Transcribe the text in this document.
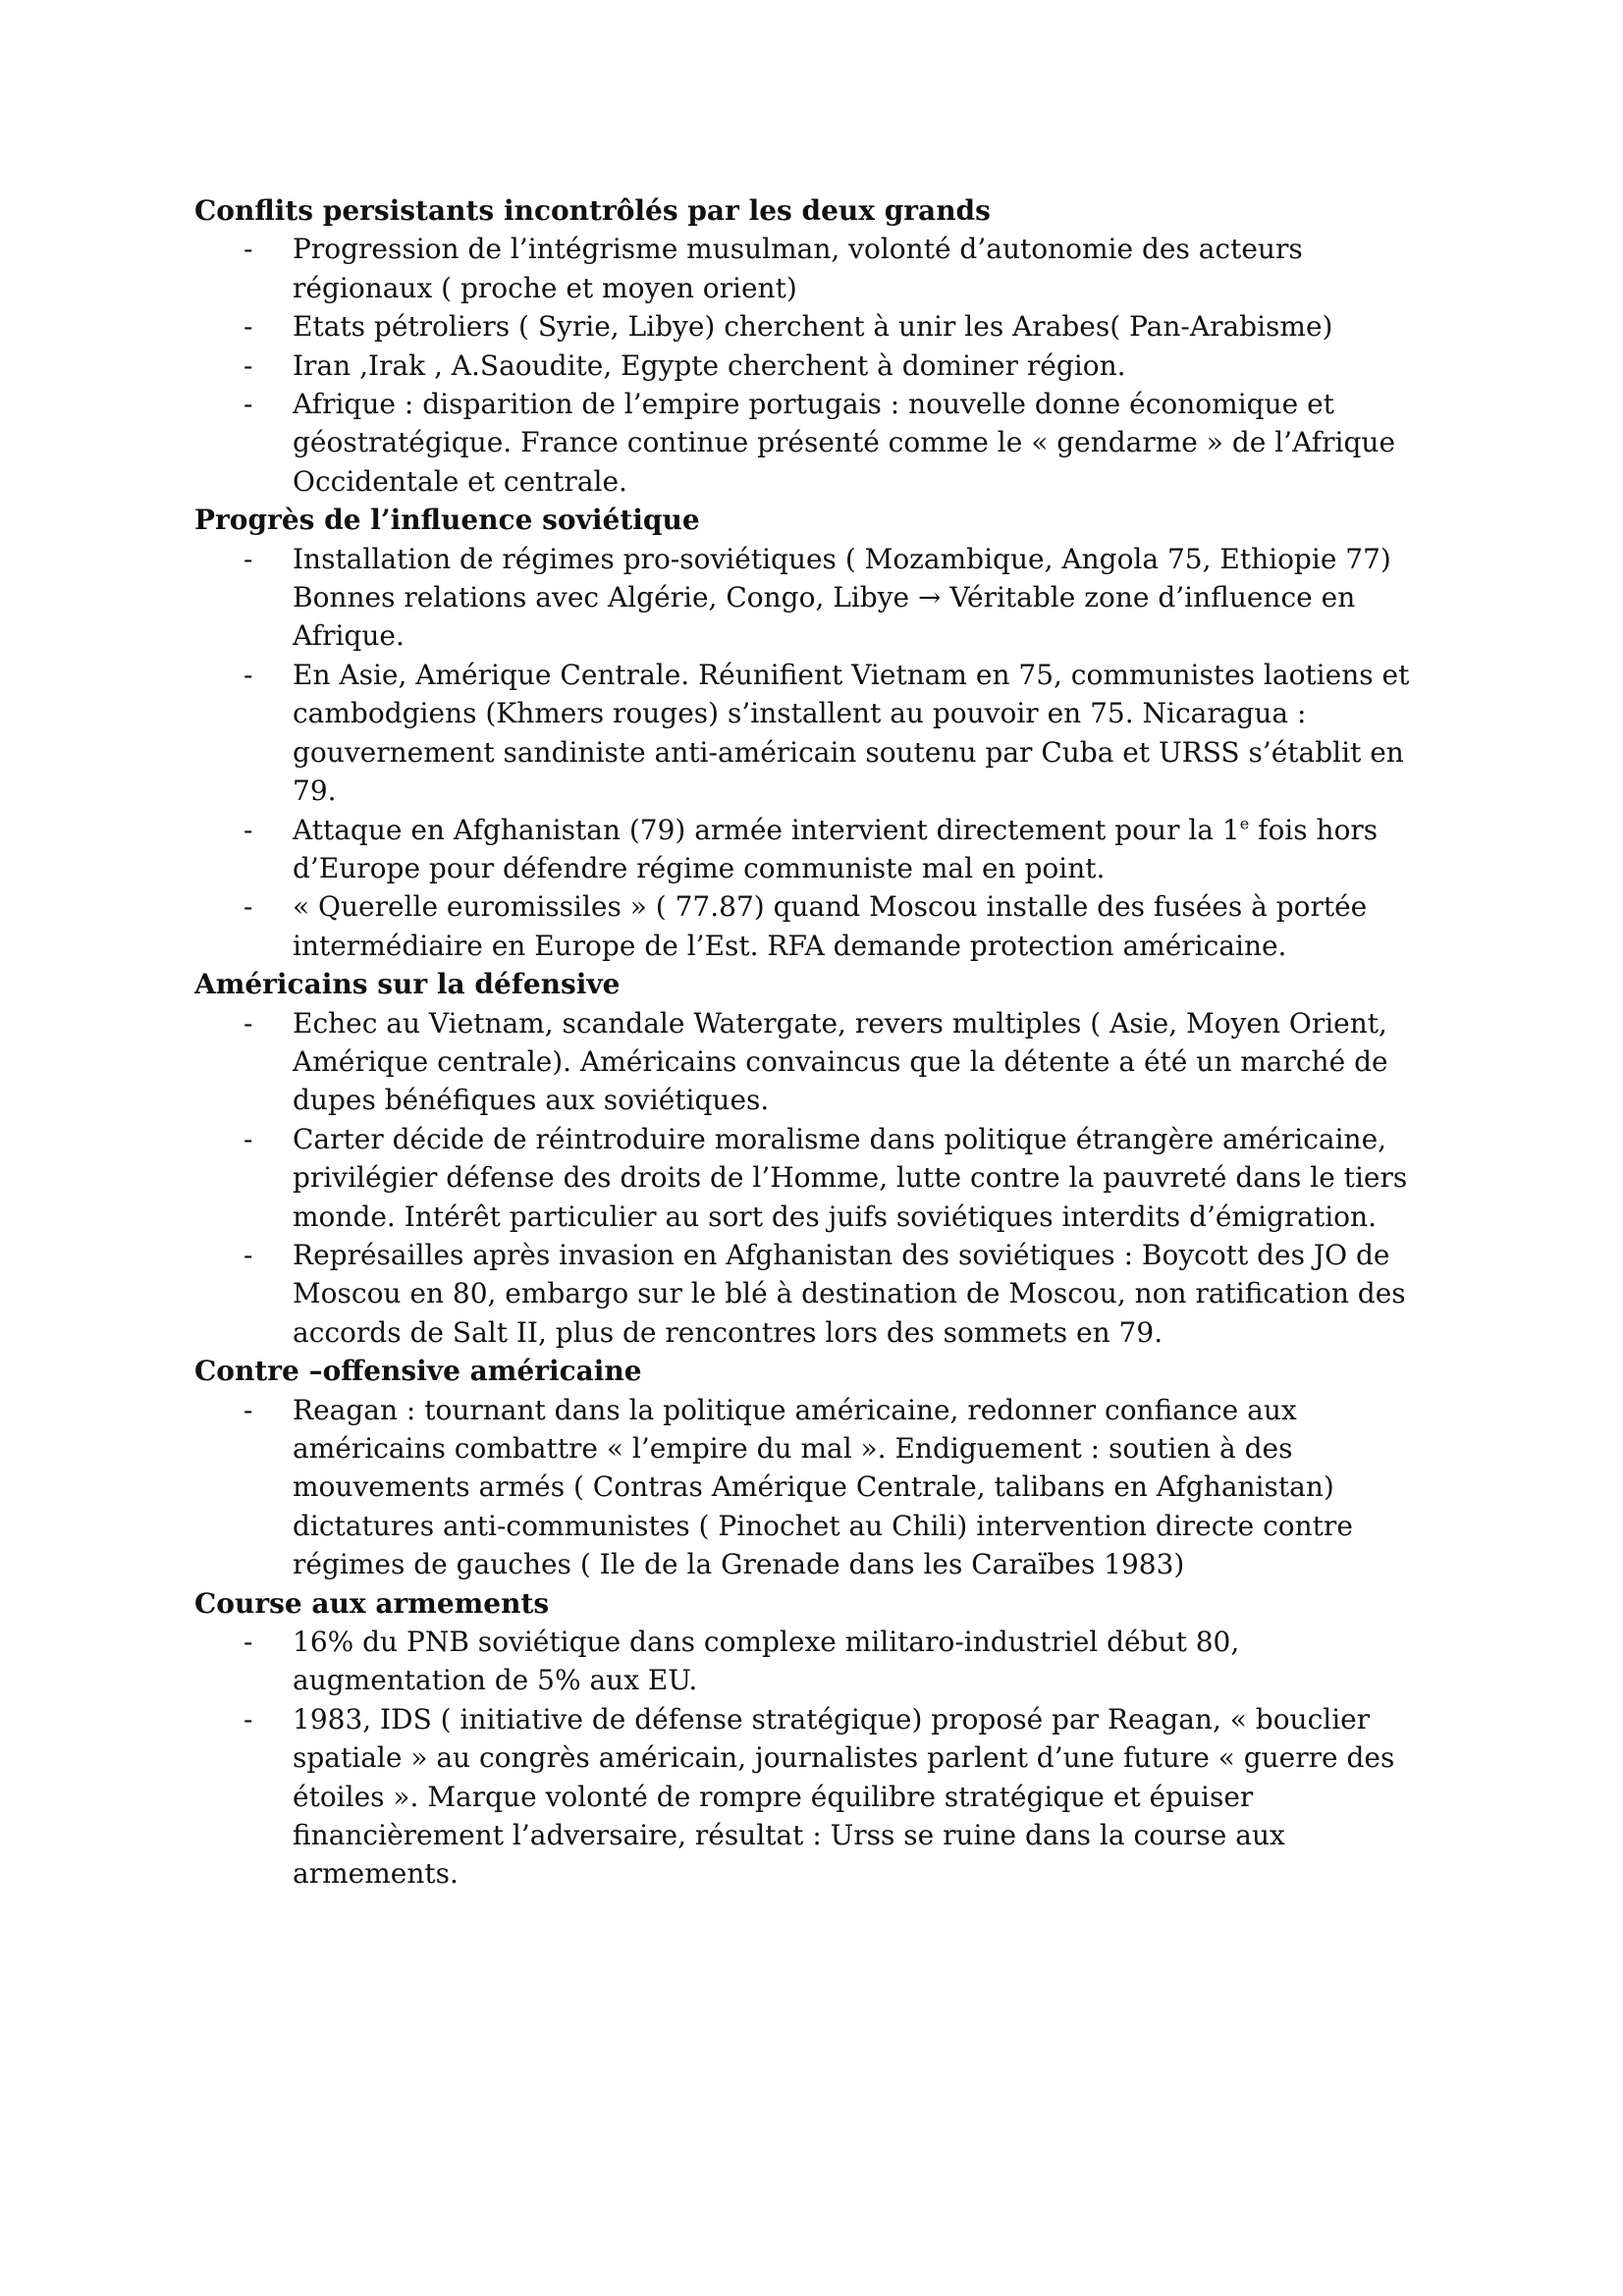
Conflits persistants incontrôlés par les deux grands

- Progression de l’intégrisme musulman, volonté d’autonomie des acteurs régionaux ( proche et moyen orient)
- Etats pétroliers ( Syrie, Libye) cherchent à unir les Arabes( Pan-Arabisme)
- Iran ,Irak , A.Saoudite, Egypte cherchent à dominer région.
- Afrique : disparition de l’empire portugais : nouvelle donne économique et géostratégique. France continue présenté comme le « gendarme » de l’Afrique Occidentale et centrale.

Progrès de l’influence soviétique

- Installation de régimes pro-soviétiques ( Mozambique, Angola 75, Ethiopie 77) Bonnes relations avec Algérie, Congo, Libye → Véritable zone d’influence en Afrique.
- En Asie, Amérique Centrale. Réunifient Vietnam en 75, communistes laotiens et cambodgiens (Khmers rouges) s’installent au pouvoir en 75. Nicaragua : gouvernement sandiniste anti-américain soutenu par Cuba et URSS s’établit en 79.
- Attaque en Afghanistan (79) armée intervient directement pour la 1e fois hors d’Europe pour défendre régime communiste mal en point.
- « Querelle euromissiles » ( 77.87) quand Moscou installe des fusées à portée intermédiaire en Europe de l’Est. RFA demande protection américaine.

Américains sur la défensive

- Echec au Vietnam, scandale Watergate, revers multiples ( Asie, Moyen Orient, Amérique centrale). Américains convaincus que la détente a été un marché de dupes bénéfiques aux soviétiques.
- Carter décide de réintroduire moralisme dans politique étrangère américaine, privilégier défense des droits de l’Homme, lutte contre la pauvreté dans le tiers monde. Intérêt particulier au sort des juifs soviétiques interdits d’émigration.
- Représailles après invasion en Afghanistan des soviétiques : Boycott des JO de Moscou en 80, embargo sur le blé à destination de Moscou, non ratification des accords de Salt II, plus de rencontres lors des sommets en 79.

Contre –offensive américaine

- Reagan : tournant dans la politique américaine, redonner confiance aux américains combattre « l’empire du mal ». Endiguement : soutien à des mouvements armés ( Contras Amérique Centrale, talibans en Afghanistan) dictatures anti-communistes ( Pinochet au Chili) intervention directe contre régimes de gauches ( Ile de la Grenade dans les Caraïbes 1983)

Course aux armements

- 16% du PNB soviétique dans complexe militaro-industriel début 80, augmentation de 5% aux EU.
- 1983, IDS ( initiative de défense stratégique) proposé par Reagan, « bouclier spatiale » au congrès américain, journalistes parlent d’une future « guerre des étoiles ». Marque volonté de rompre équilibre stratégique et épuiser financièrement l’adversaire, résultat : Urss se ruine dans la course aux armements.
